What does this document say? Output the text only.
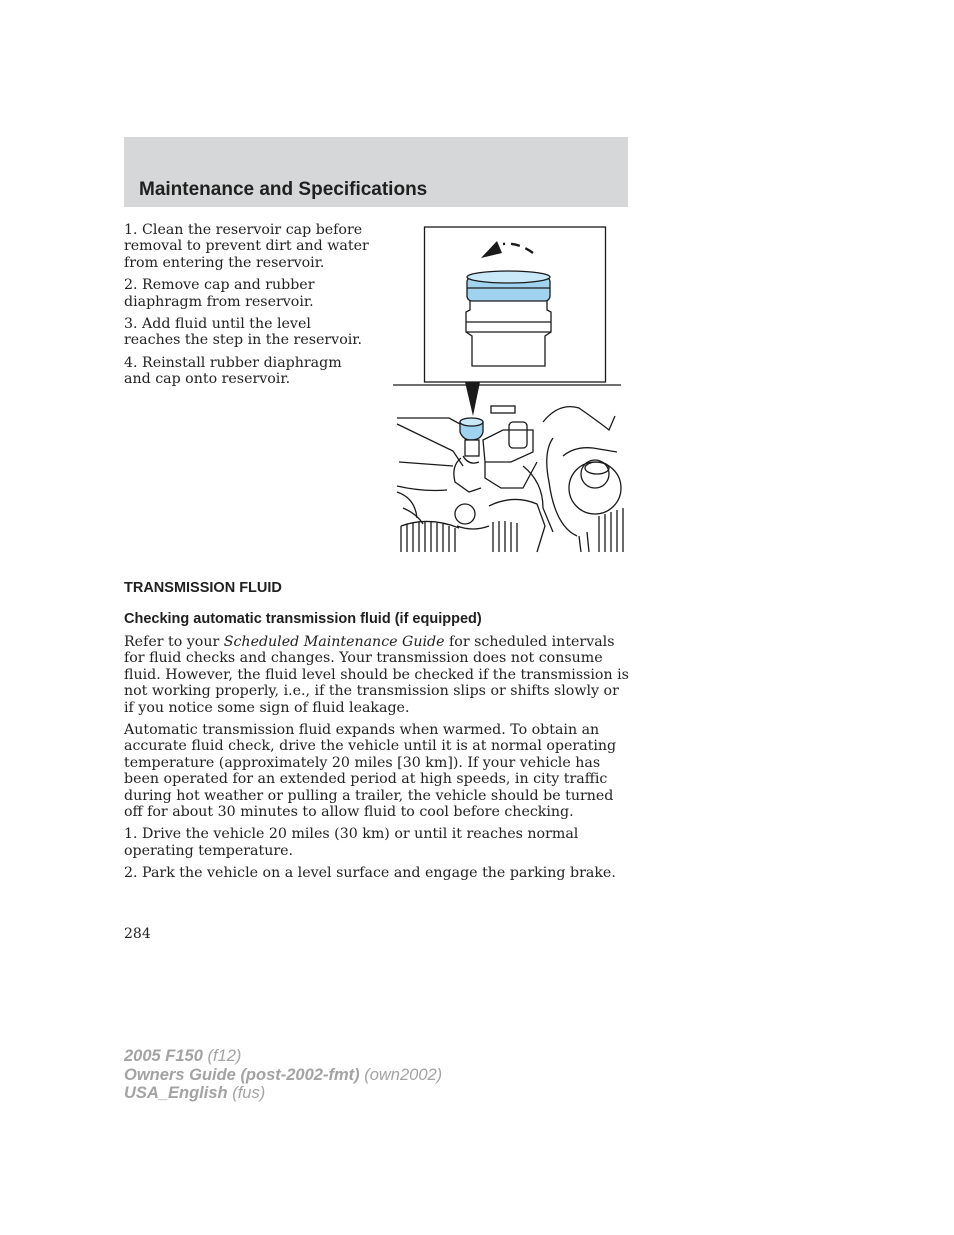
Maintenance and Specifications

1. Clean the reservoir cap before removal to prevent dirt and water from entering the reservoir.

2. Remove cap and rubber diaphragm from reservoir.

3. Add fluid until the level reaches the step in the reservoir.

4. Reinstall rubber diaphragm and cap onto reservoir.

TRANSMISSION FLUID
Checking automatic transmission fluid (if equipped)

Refer to your Scheduled Maintenance Guide for scheduled intervals for fluid checks and changes. Your transmission does not consume fluid. However, the fluid level should be checked if the transmission is not working properly, i.e., if the transmission slips or shifts slowly or if you notice some sign of fluid leakage.

Automatic transmission fluid expands when warmed. To obtain an accurate fluid check, drive the vehicle until it is at normal operating temperature (approximately 20 miles [30 km]). If your vehicle has been operated for an extended period at high speeds, in city traffic during hot weather or pulling a trailer, the vehicle should be turned off for about 30 minutes to allow fluid to cool before checking.

1. Drive the vehicle 20 miles (30 km) or until it reaches normal operating temperature.

2. Park the vehicle on a level surface and engage the parking brake.

284
2005 F150 (f12)
Owners Guide (post-2002-fmt) (own2002)
USA_English (fus)
